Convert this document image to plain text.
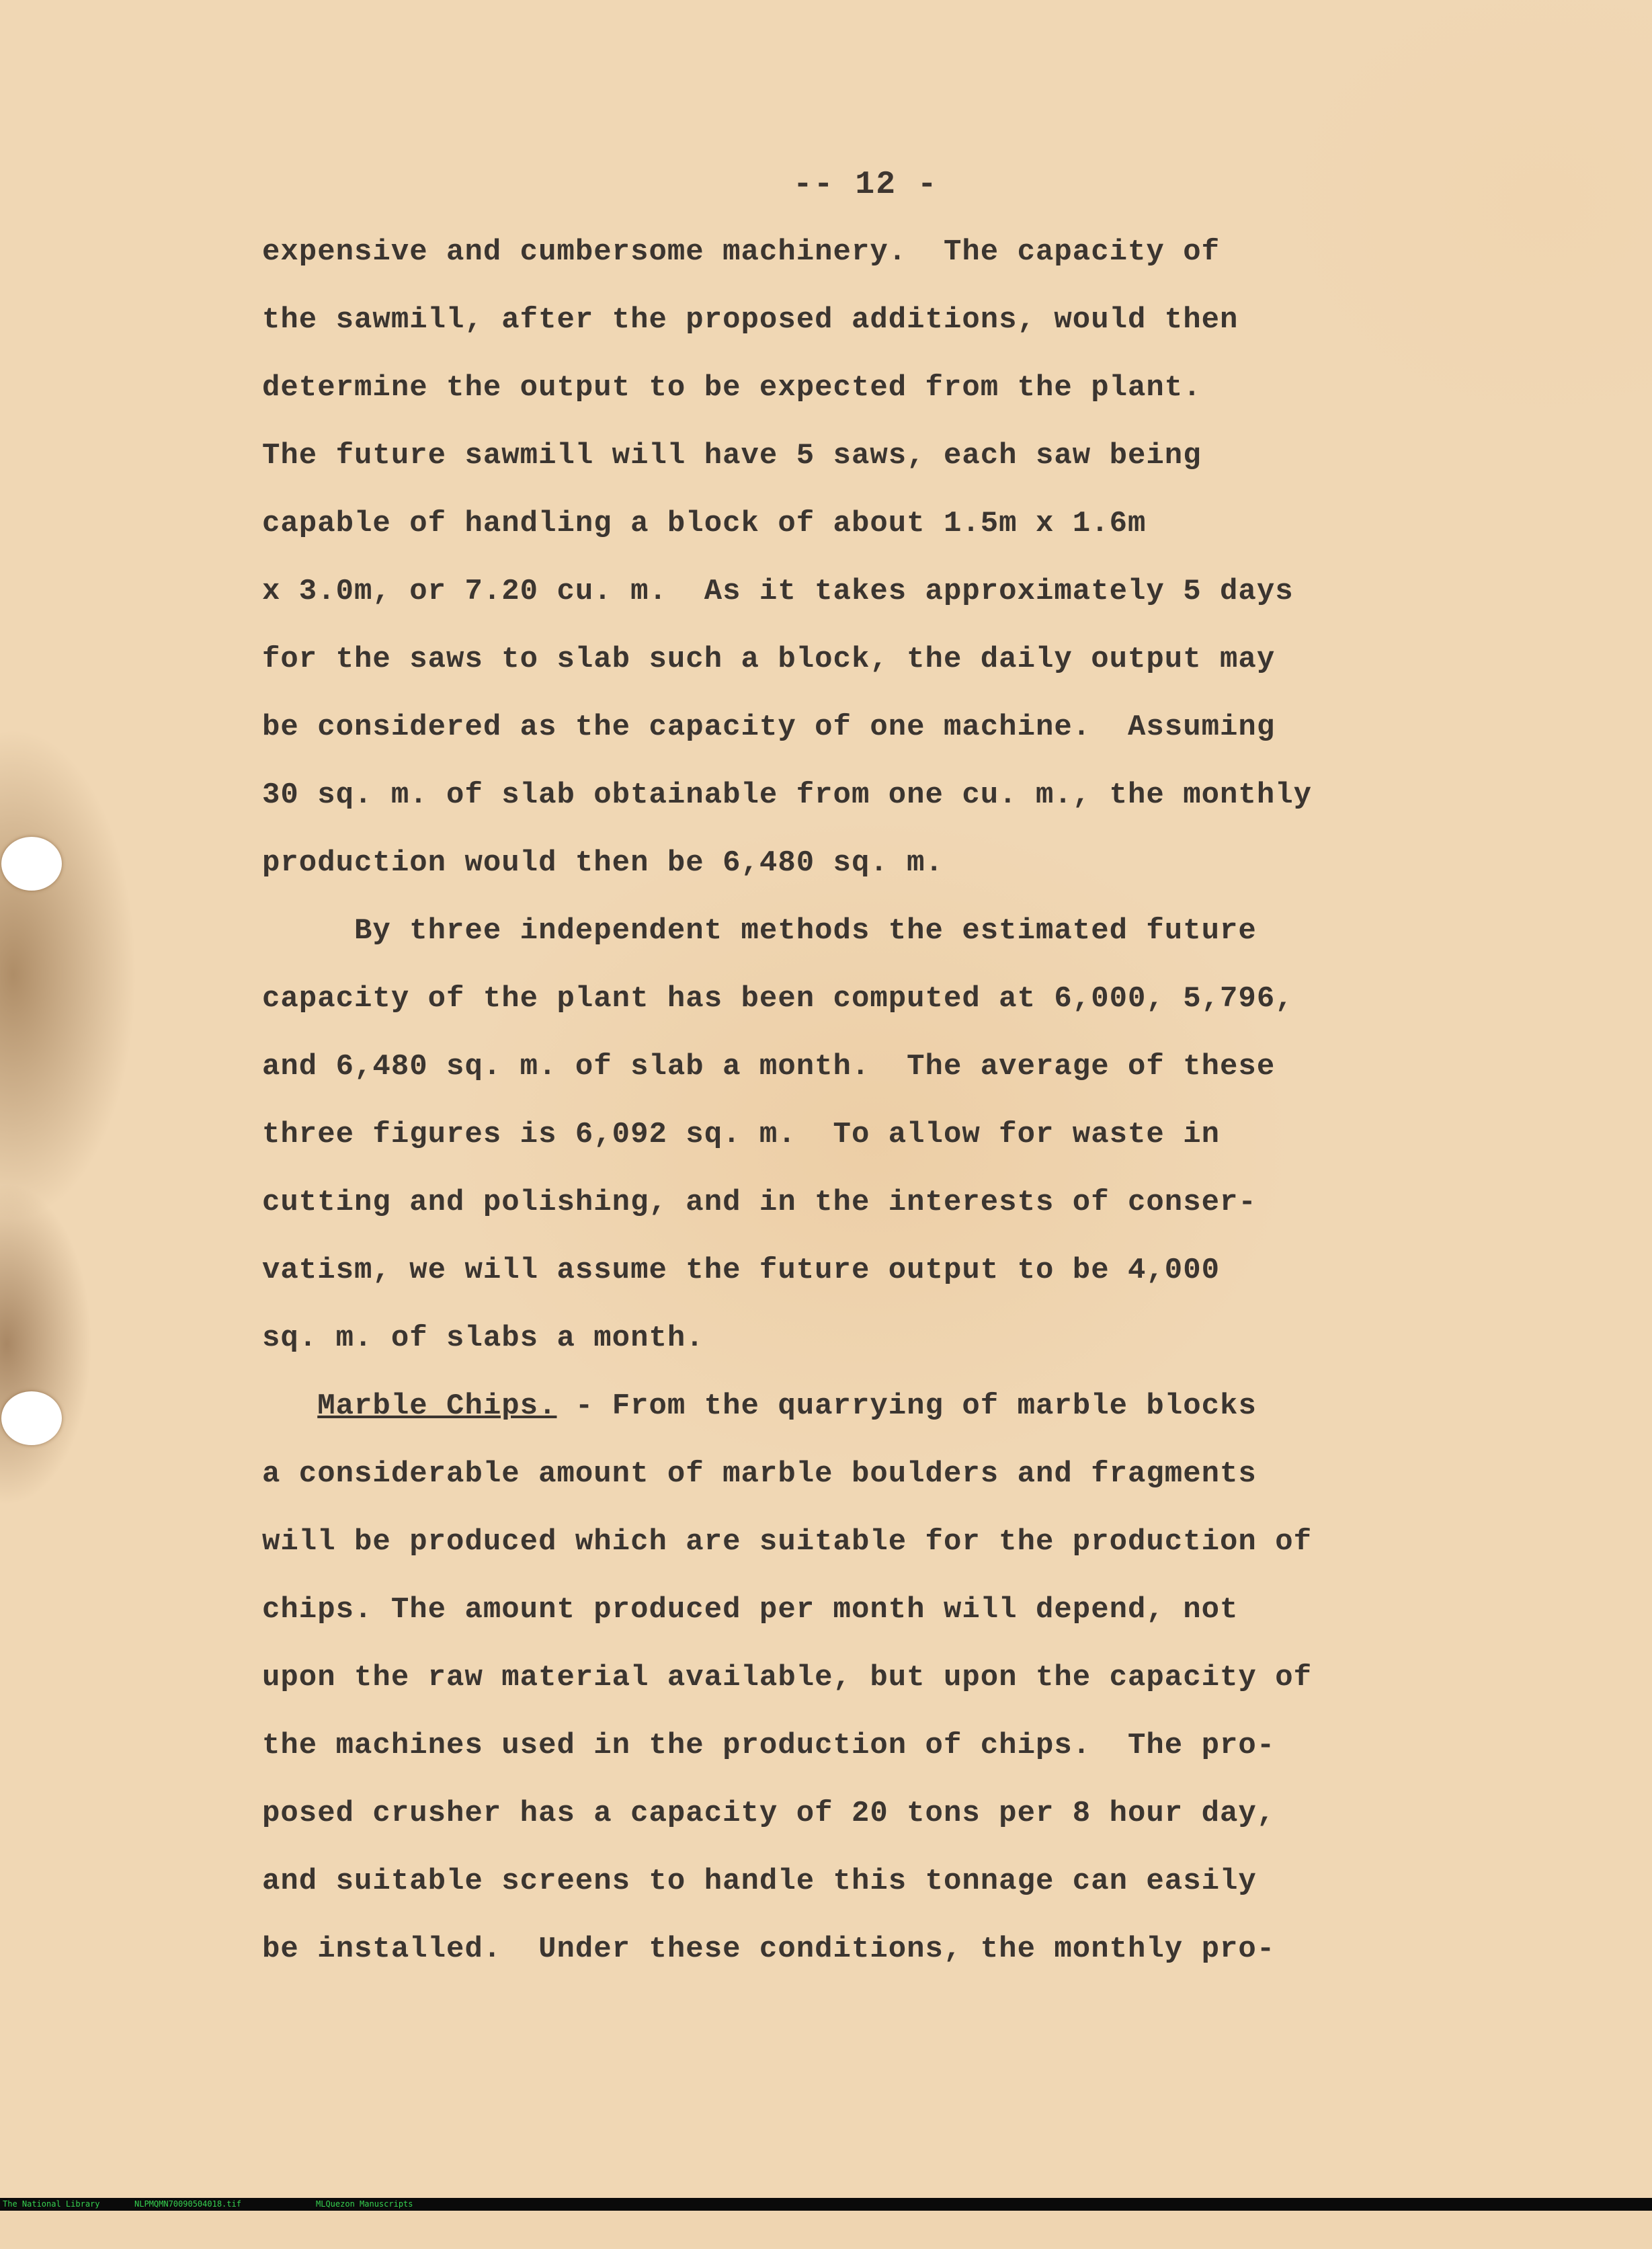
-- 12 -
expensive and cumbersome machinery.  The capacity of
the sawmill, after the proposed additions, would then
determine the output to be expected from the plant.
The future sawmill will have 5 saws, each saw being
capable of handling a block of about 1.5m x 1.6m
x 3.0m, or 7.20 cu. m.  As it takes approximately 5 days
for the saws to slab such a block, the daily output may
be considered as the capacity of one machine.  Assuming
30 sq. m. of slab obtainable from one cu. m., the monthly
production would then be 6,480 sq. m.
By three independent methods the estimated future
capacity of the plant has been computed at 6,000, 5,796,
and 6,480 sq. m. of slab a month.  The average of these
three figures is 6,092 sq. m.  To allow for waste in
cutting and polishing, and in the interests of conser-
vatism, we will assume the future output to be 4,000
sq. m. of slabs a month.
Marble Chips. - From the quarrying of marble blocks
a considerable amount of marble boulders and fragments
will be produced which are suitable for the production of
chips. The amount produced per month will depend, not
upon the raw material available, but upon the capacity of
the machines used in the production of chips.  The pro-
posed crusher has a capacity of 20 tons per 8 hour day,
and suitable screens to handle this tonnage can easily
be installed.  Under these conditions, the monthly pro-

The National Library

	NLPMQMN70090504018.tif

	MLQuezon Manuscripts
